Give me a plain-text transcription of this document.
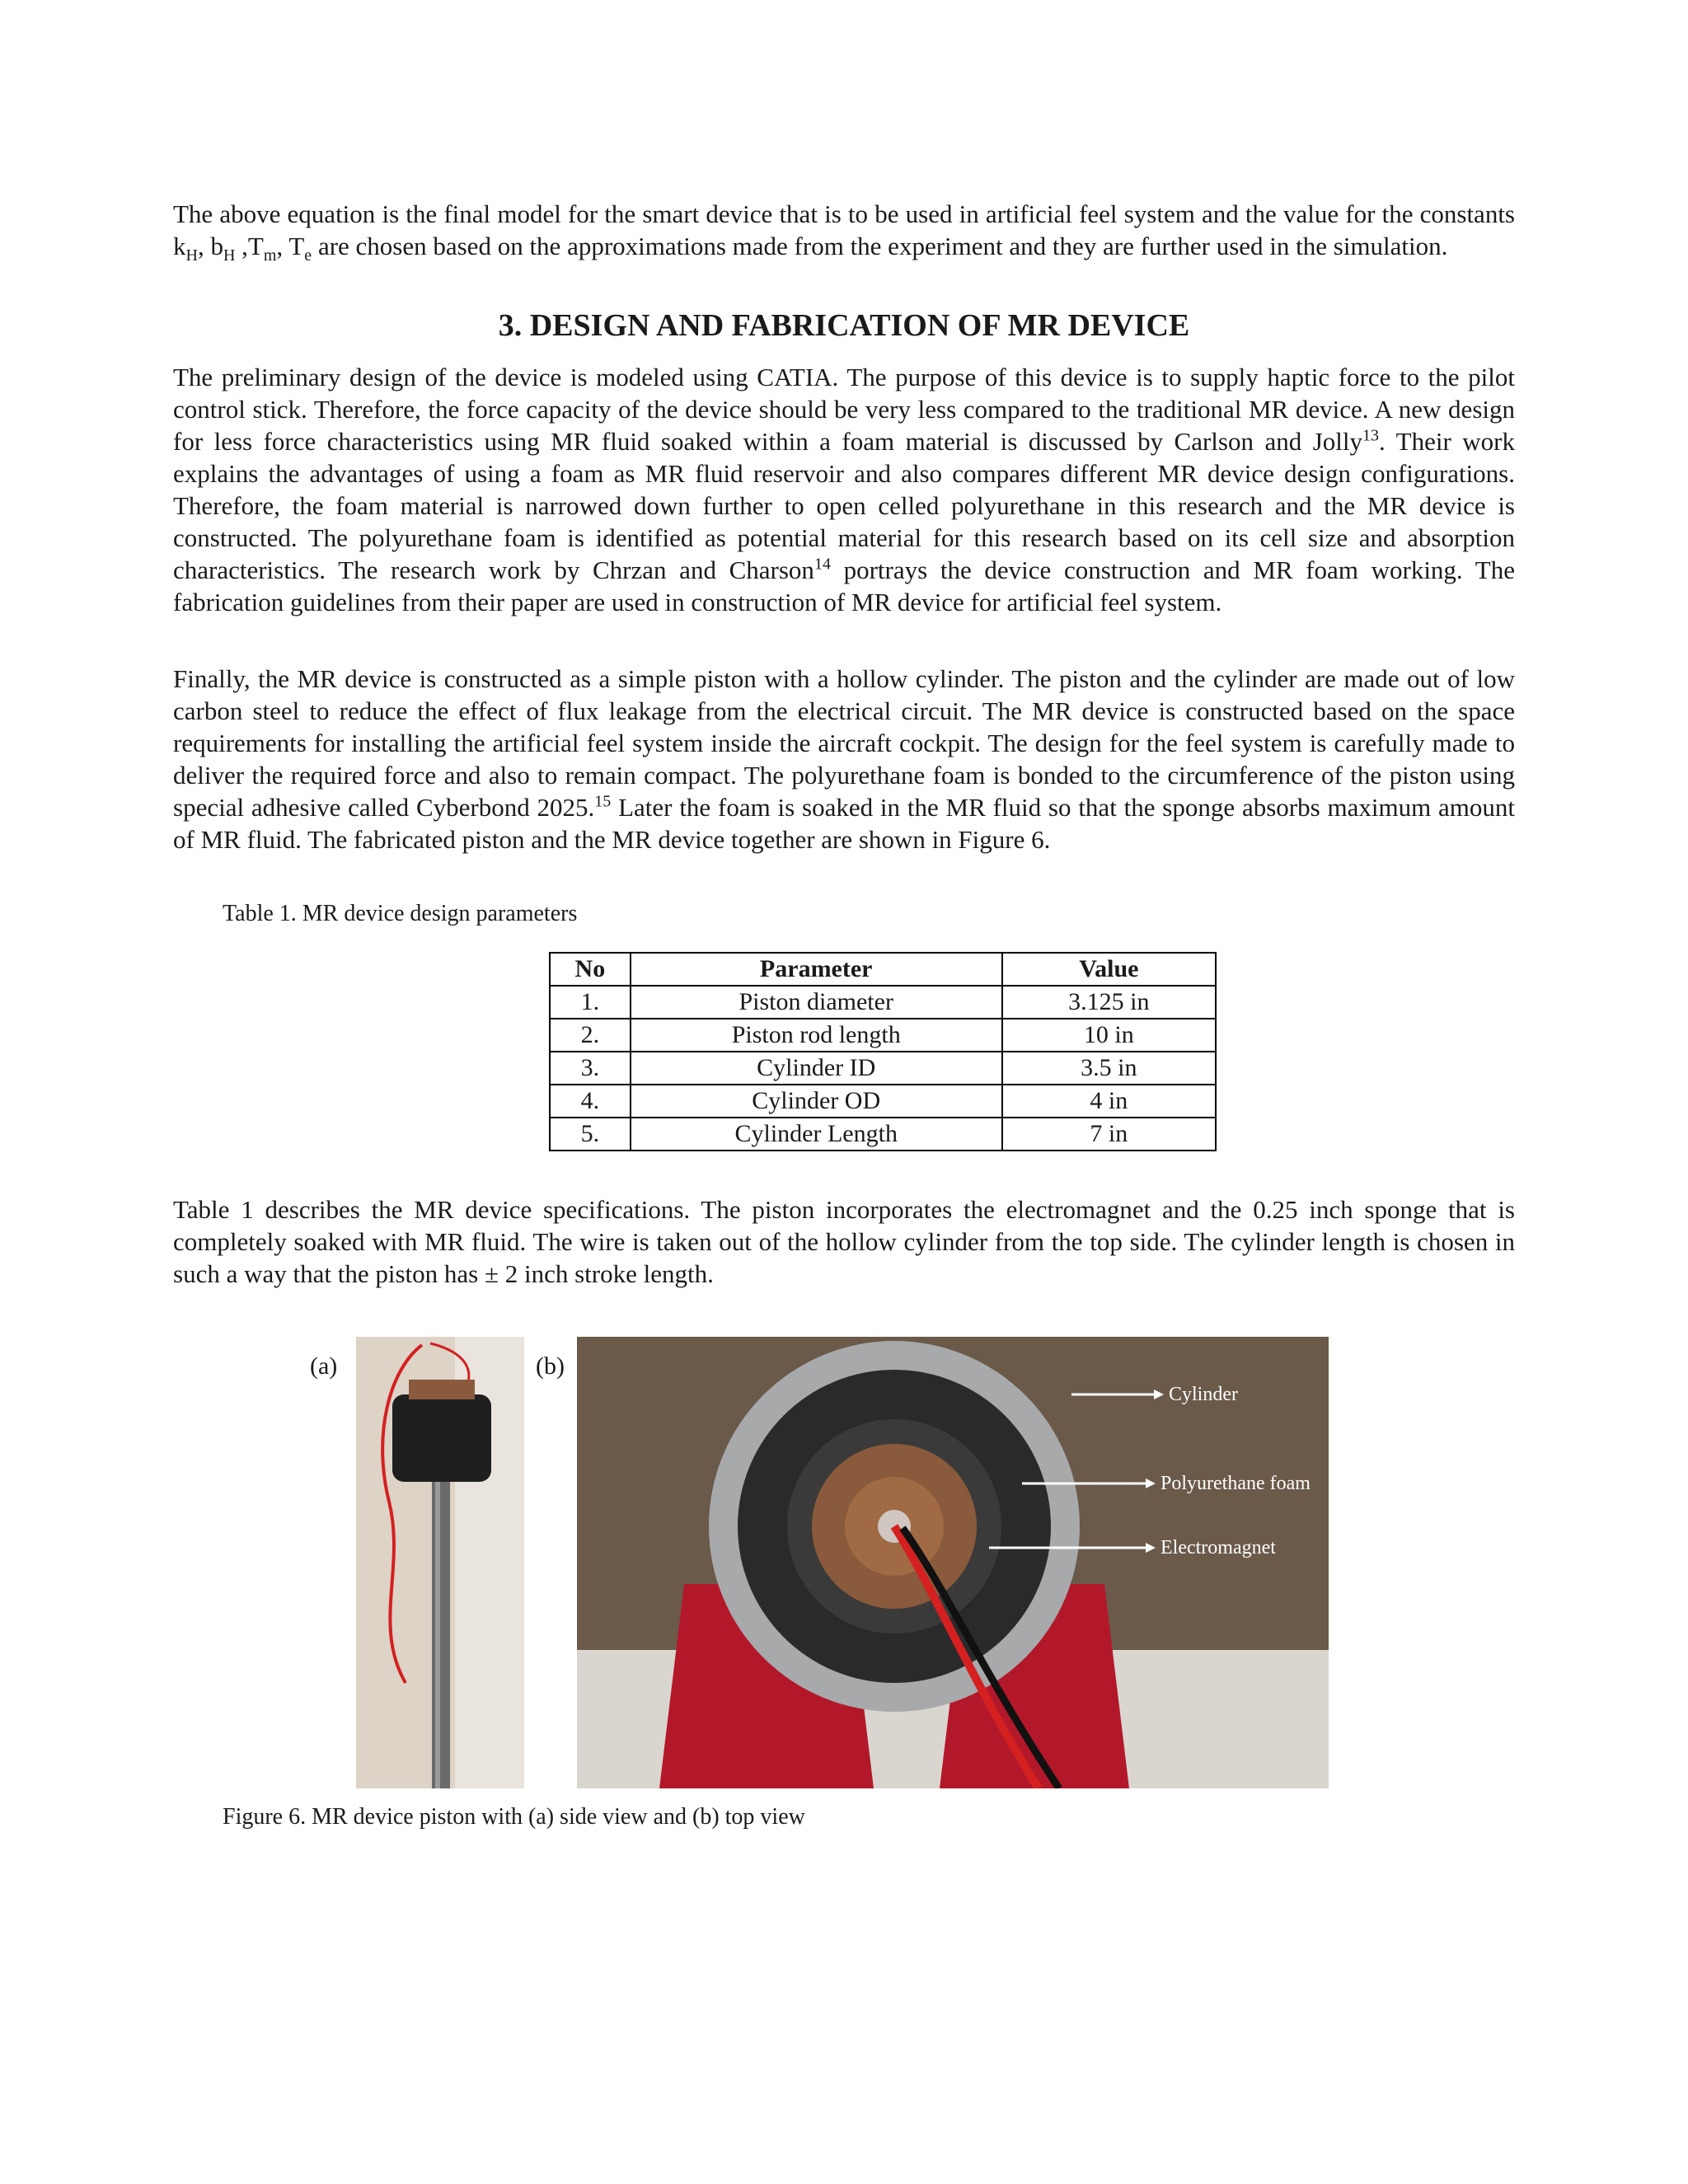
The above equation is the final model for the smart device that is to be used in artificial feel system and the value for the constants $k_H$, $b_H$ $,T_m$, $T_e$ are chosen based on the approximations made from the experiment and they are further used in the simulation.

3. DESIGN AND FABRICATION OF MR DEVICE

The preliminary design of the device is modeled using CATIA. The purpose of this device is to supply haptic force to the pilot control stick. Therefore, the force capacity of the device should be very less compared to the traditional MR device. A new design for less force characteristics using MR fluid soaked within a foam material is discussed by Carlson and Jolly$^{13}$. Their work explains the advantages of using a foam as MR fluid reservoir and also compares different MR device design configurations. Therefore, the foam material is narrowed down further to open celled polyurethane in this research and the MR device is constructed. The polyurethane foam is identified as potential material for this research based on its cell size and absorption characteristics. The research work by Chrzan and Charson$^{14}$ portrays the device construction and MR foam working. The fabrication guidelines from their paper are used in construction of MR device for artificial feel system.

Finally, the MR device is constructed as a simple piston with a hollow cylinder. The piston and the cylinder are made out of low carbon steel to reduce the effect of flux leakage from the electrical circuit. The MR device is constructed based on the space requirements for installing the artificial feel system inside the aircraft cockpit. The design for the feel system is carefully made to deliver the required force and also to remain compact. The polyurethane foam is bonded to the circumference of the piston using special adhesive called Cyberbond 2025.15 Later the foam is soaked in the MR fluid so that the sponge absorbs maximum amount of MR fluid. The fabricated piston and the MR device together are shown in Figure 6.

Table 1. MR device design parameters
No	Parameter	Value
1.	Piston diameter	3.125 in
2.	Piston rod length	10 in
3.	Cylinder ID	3.5 in
4.	Cylinder OD	4 in
5.	Cylinder Length	7 in

Table 1 describes the MR device specifications. The piston incorporates the electromagnet and the 0.25 inch sponge that is completely soaked with MR fluid. The wire is taken out of the hollow cylinder from the top side. The cylinder length is chosen in such a way that the piston has ± 2 inch stroke length.

(a)	(b)
Cylinder
Polyurethane foam
Electromagnet
Figure 6. MR device piston with (a) side view and (b) top view
